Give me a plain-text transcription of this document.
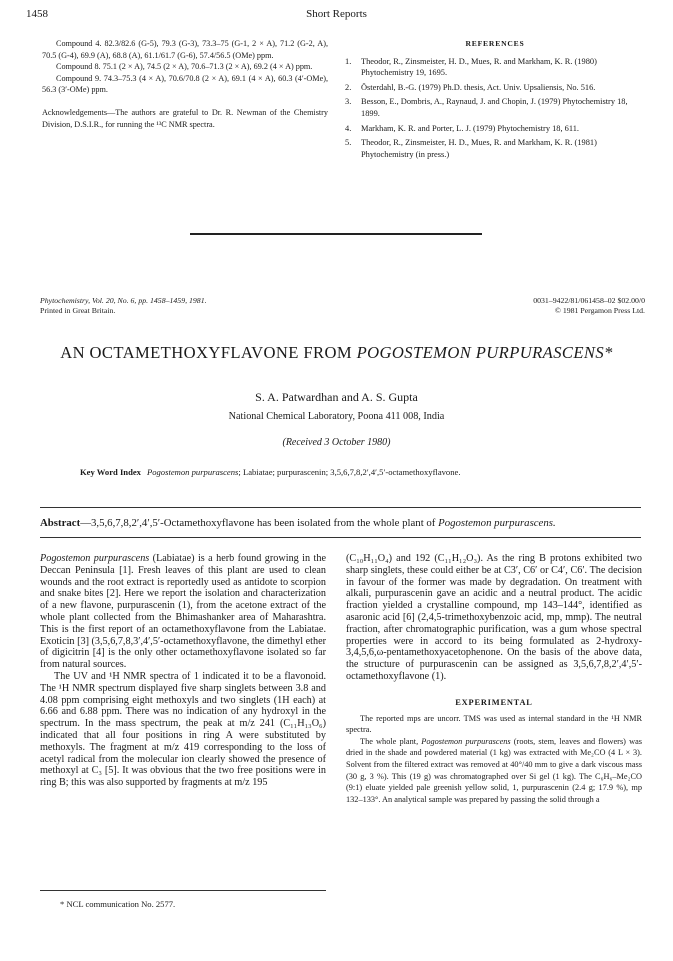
1458	Short Reports

Compound 4. 82.3/82.6 (G-5), 79.3 (G-3), 73.3–75 (G-1, 2 × A), 71.2 (G-2, A), 70.5 (G-4), 69.9 (A), 68.8 (A), 61.1/61.7 (G-6), 57.4/56.5 (OMe) ppm.

Compound 8. 75.1 (2 × A), 74.5 (2 × A), 70.6–71.3 (2 × A), 69.2 (4 × A) ppm.

Compound 9. 74.3–75.3 (4 × A), 70.6/70.8 (2 × A), 69.1 (4 × A), 60.3 (4′-OMe), 56.3 (3′-OMe) ppm.

Acknowledgements—The authors are grateful to Dr. R. Newman of the Chemistry Division, D.S.I.R., for running the ¹³C NMR spectra.

REFERENCES
1. Theodor, R., Zinsmeister, H. D., Mues, R. and Markham, K. R. (1980) Phytochemistry 19, 1695.
2. Österdahl, B.-G. (1979) Ph.D. thesis, Act. Univ. Upsaliensis, No. 516.
3. Besson, E., Dombris, A., Raynaud, J. and Chopin, J. (1979) Phytochemistry 18, 1899.
4. Markham, K. R. and Porter, L. J. (1979) Phytochemistry 18, 611.
5. Theodor, R., Zinsmeister, H. D., Mues, R. and Markham, K. R. (1981) Phytochemistry (in press.)
Phytochemistry, Vol. 20, No. 6, pp. 1458–1459, 1981.
Printed in Great Britain.
0031–9422/81/061458–02 $02.00/0
© 1981 Pergamon Press Ltd.
AN OCTAMETHOXYFLAVONE FROM POGOSTEMON PURPURASCENS*
S. A. Patwardhan and A. S. Gupta
National Chemical Laboratory, Poona 411 008, India
(Received 3 October 1980)
Key Word Index Pogostemon purpurascens; Labiatae; purpurascenin; 3,5,6,7,8,2′,4′,5′-octamethoxyflavone.
Abstract—3,5,6,7,8,2′,4′,5′-Octamethoxyflavone has been isolated from the whole plant of Pogostemon purpurascens.

Pogostemon purpurascens (Labiatae) is a herb found growing in the Deccan Peninsula [1]. Fresh leaves of this plant are used to clean wounds and the root extract is reportedly used as antidote to scorpion and snake bites [2]. Here we report the isolation and characterization of a new flavone, purpurascenin (1), from the acetone extract of the whole plant collected from the Bhimashanker area of Maharashtra. This is the first report of an octamethoxyflavone from the Labiatae. Exoticin [3] (3,5,6,7,8,3′,4′,5′-octamethoxyflavone, the dimethyl ether of digicitrin [4] is the only other octamethoxyflavone isolated so far from natural sources.

The UV and ¹H NMR spectra of 1 indicated it to be a flavonoid. The ¹H NMR spectrum displayed five sharp singlets between 3.8 and 4.08 ppm comprising eight methoxyls and two singlets (1H each) at 6.66 and 6.88 ppm. There was no indication of any hydroxyl in the spectrum. In the mass spectrum, the peak at m/z 241 (C₁₁H₁₃O₆) indicated that all four positions in ring A were substituted by methoxyls. The fragment at m/z 419 corresponding to the loss of acetyl radical from the molecular ion clearly showed the presence of methoxyl at C₃ [5]. It was obvious that the two free positions were in ring B; this was also supported by fragments at m/z 195

(C₁₀H₁₁O₄) and 192 (C₁₁H₁₂O₃). As the ring B protons exhibited two sharp singlets, these could either be at C3′, C6′ or C4′, C6′. The decision in favour of the former was made by degradation. On treatment with alkali, purpurascenin gave an acidic and a neutral product. The acidic fraction yielded a crystalline compound, mp 143–144°, identified as asaronic acid [6] (2,4,5-trimethoxybenzoic acid, mp, mmp). The neutral fraction, after chromatographic purification, was a gum whose spectral properties were in accord to its being formulated as 2-hydroxy-3,4,5,6,ω-pentamethoxyacetophenone. On the basis of the above data, the structure of purpurascenin can be assigned as 3,5,6,7,8,2′,4′,5′-octamethoxyflavone (1).

EXPERIMENTAL

The reported mps are uncorr. TMS was used as internal standard in the ¹H NMR spectra.

The whole plant, Pogostemon purpurascens (roots, stem, leaves and flowers) was dried in the shade and powdered material (1 kg) was extracted with Me₂CO (4 L × 3). Solvent from the filtered extract was removed at 40°/40 mm to give a dark viscous mass (30 g, 3 %). This (19 g) was chromatographed over Si gel (1 kg). The C₆H₆–Me₂CO (9:1) eluate yielded pale greenish yellow solid, 1, purpurascenin (2.4 g; 17.9 %), mp 132–133°. An analytical sample was prepared by passing the solid through a

* NCL communication No. 2577.
